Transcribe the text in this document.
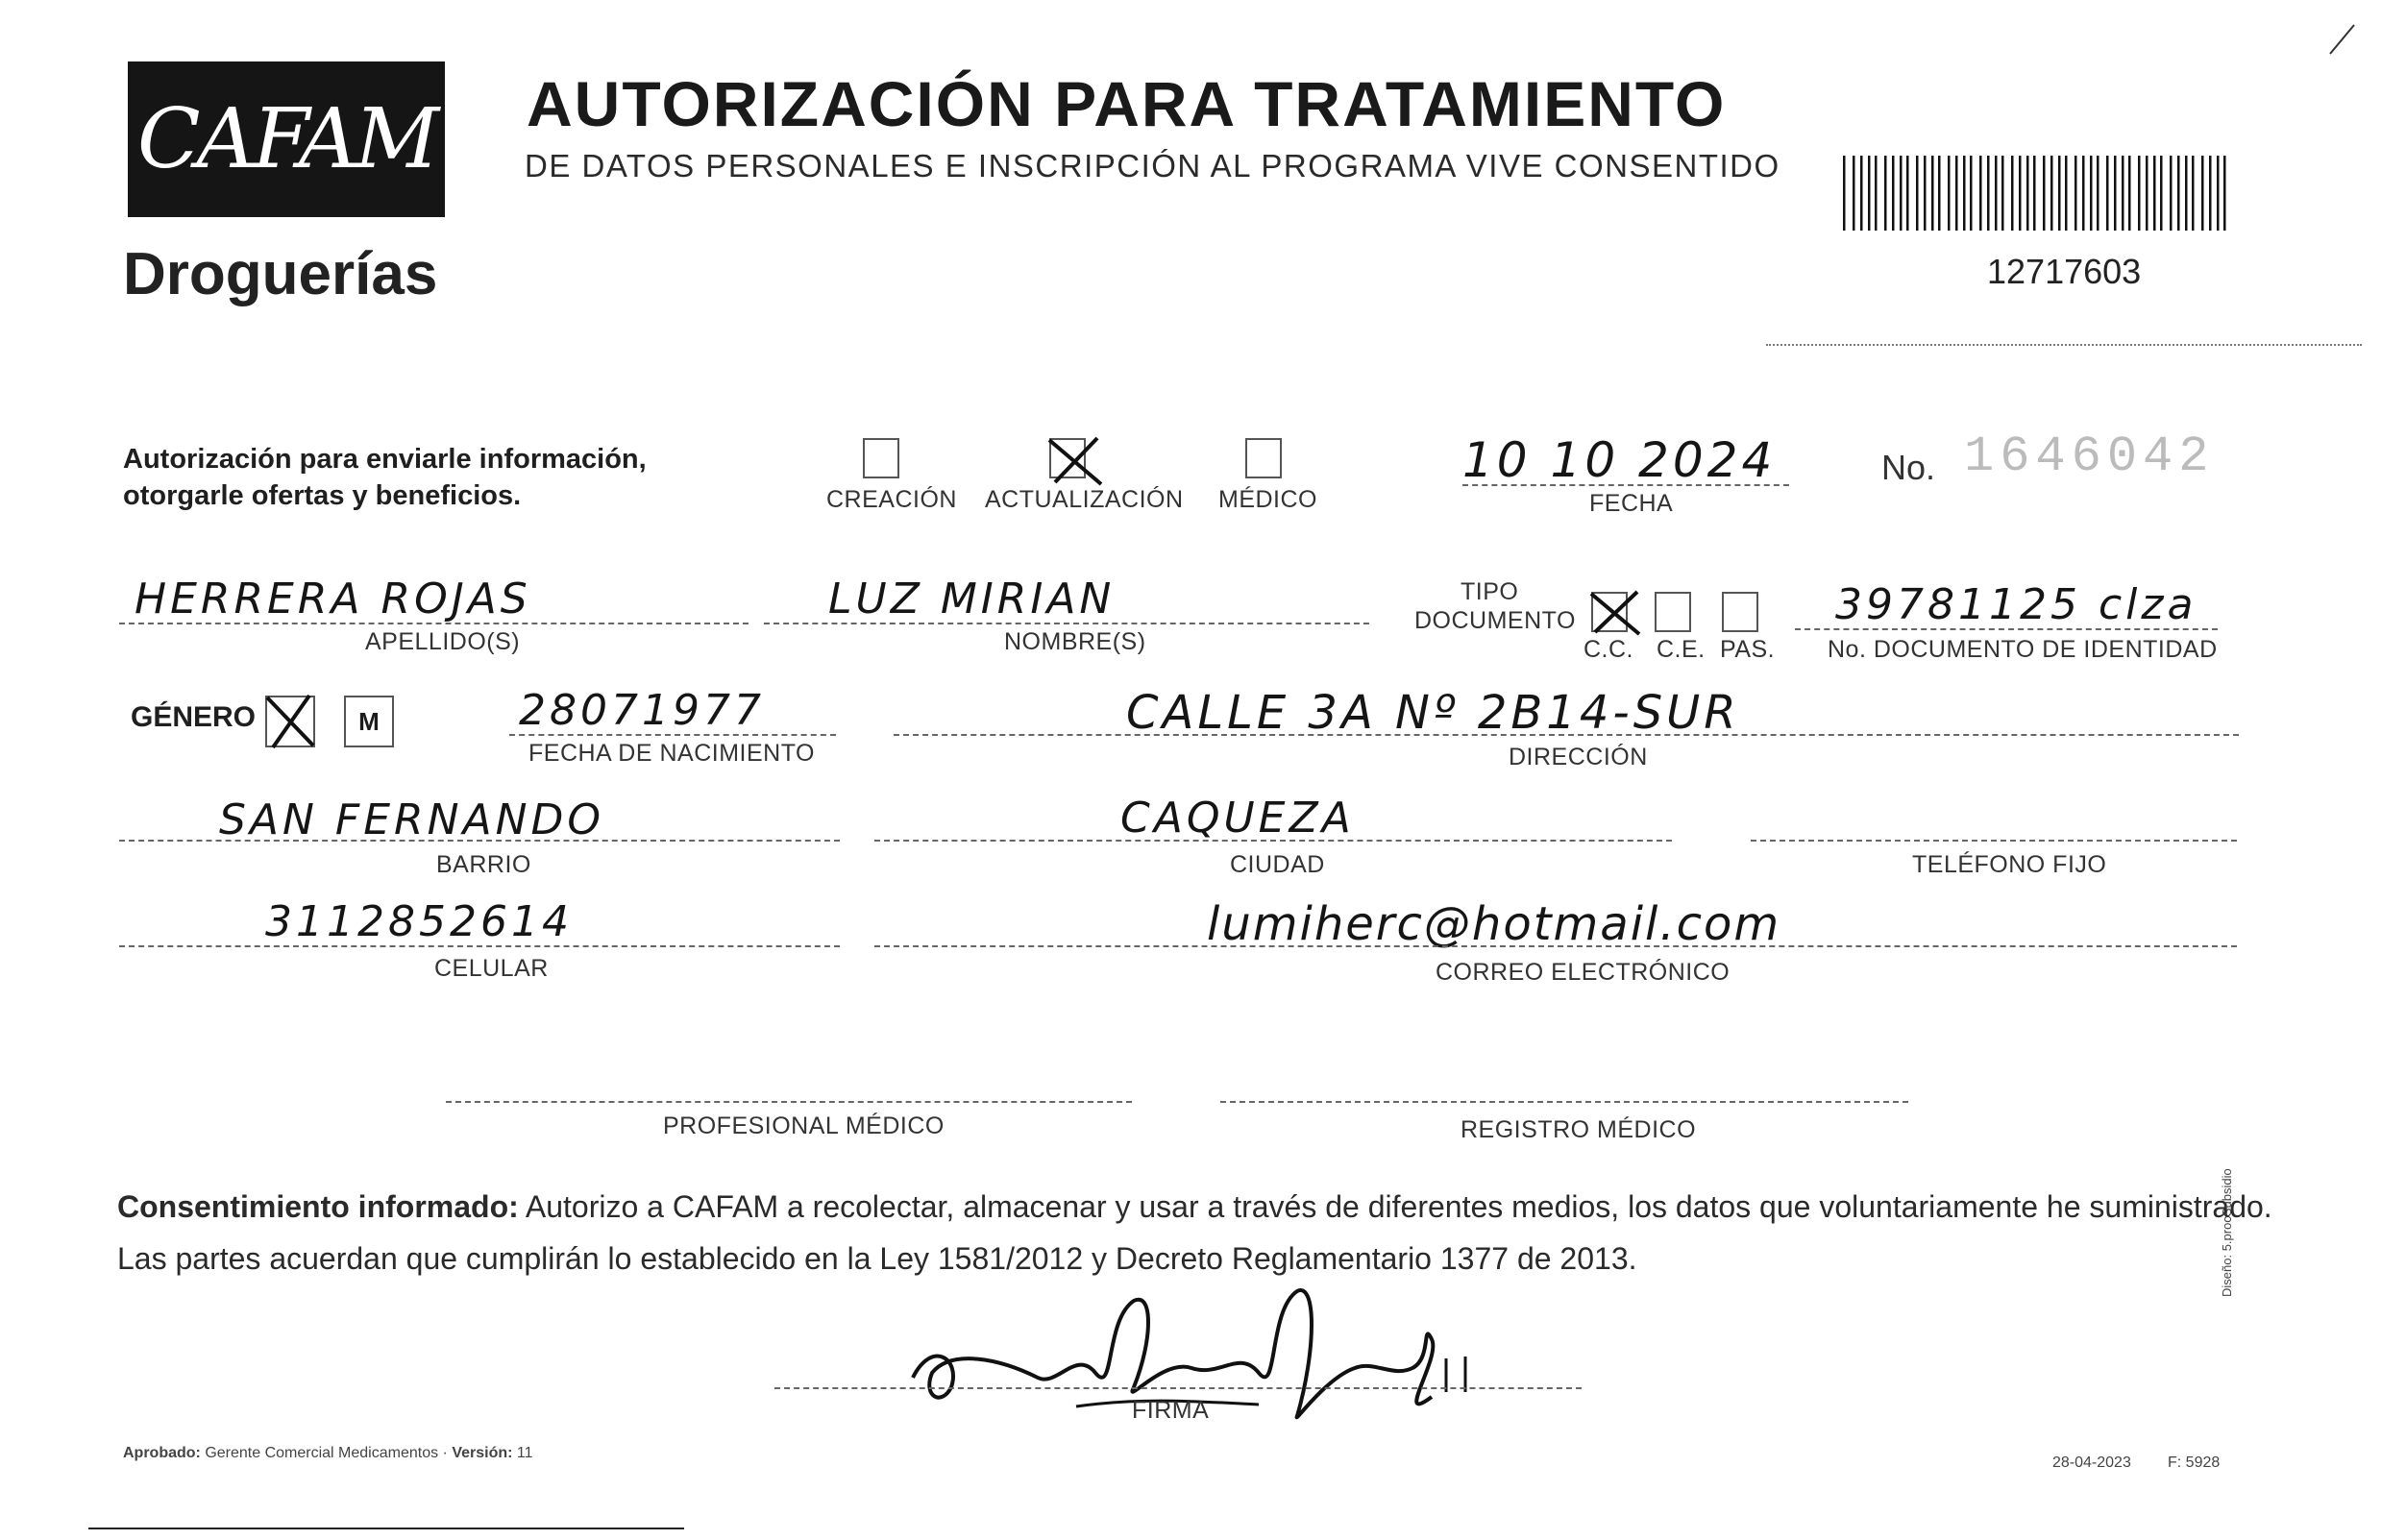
CAFAM
Droguerías
AUTORIZACIÓN PARA TRATAMIENTO
DE DATOS PERSONALES E INSCRIPCIÓN AL PROGRAMA VIVE CONSENTIDO
12717603
Autorización para enviarle información,
otorgarle ofertas y beneficios.	CREACIÓN ACTUALIZACIÓN MÉDICO
10 10 2024
FECHA
No. 1646042
HERRERA ROJAS
APELLIDO(S)
LUZ MIRIAN
NOMBRE(S)
TIPO
DOCUMENTO
C.C. C.E. PAS.
39781125 clza
No. DOCUMENTO DE IDENTIDAD
GÉNERO	M	28071977
FECHA DE NACIMIENTO
CALLE 3A Nº 2B14-SUR
DIRECCIÓN
SAN FERNANDO
BARRIO
CAQUEZA
CIUDAD	TELÉFONO FIJO
3112852614
CELULAR
lumiherc@hotmail.com
CORREO ELECTRÓNICO
PROFESIONAL MÉDICO	REGISTRO MÉDICO
Consentimiento informado: Autorizo a CAFAM a recolectar, almacenar y usar a través de diferentes medios, los datos que voluntariamente he suministrado.
Las partes acuerdan que cumplirán lo establecido en la Ley 1581/2012 y Decreto Reglamentario 1377 de 2013.
FIRMA
Aprobado: Gerente Comercial Medicamentos · Versión: 11
28-04-2023 F: 5928
Diseño: 5.procSubsidio
